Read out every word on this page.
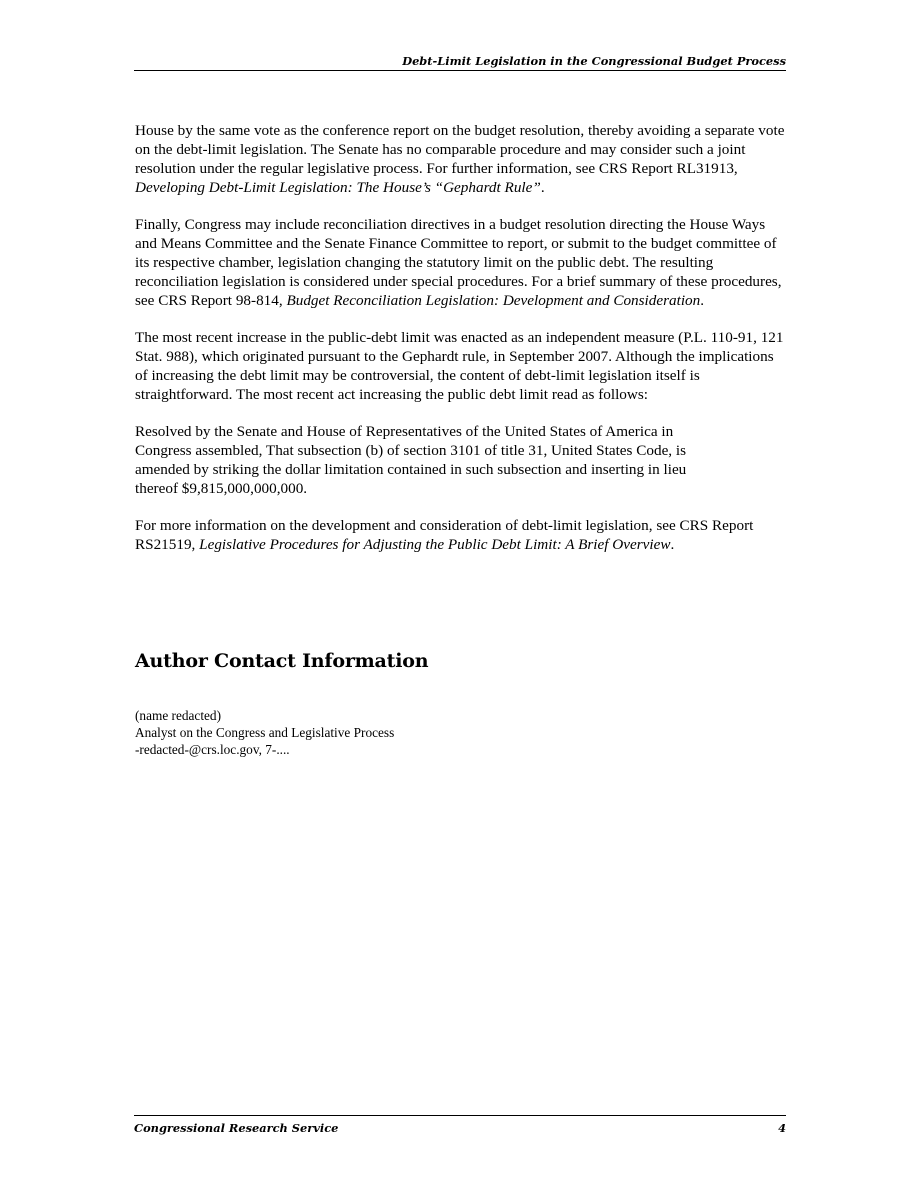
Debt-Limit Legislation in the Congressional Budget Process

House by the same vote as the conference report on the budget resolution, thereby avoiding a separate vote on the debt-limit legislation. The Senate has no comparable procedure and may consider such a joint resolution under the regular legislative process. For further information, see CRS Report RL31913, Developing Debt-Limit Legislation: The House’s “Gephardt Rule”.

Finally, Congress may include reconciliation directives in a budget resolution directing the House Ways and Means Committee and the Senate Finance Committee to report, or submit to the budget committee of its respective chamber, legislation changing the statutory limit on the public debt. The resulting reconciliation legislation is considered under special procedures. For a brief summary of these procedures, see CRS Report 98-814, Budget Reconciliation Legislation: Development and Consideration.

The most recent increase in the public-debt limit was enacted as an independent measure (P.L. 110-91, 121 Stat. 988), which originated pursuant to the Gephardt rule, in September 2007. Although the implications of increasing the debt limit may be controversial, the content of debt-limit legislation itself is straightforward. The most recent act increasing the public debt limit read as follows:

Resolved by the Senate and House of Representatives of the United States of America in Congress assembled, That subsection (b) of section 3101 of title 31, United States Code, is amended by striking the dollar limitation contained in such subsection and inserting in lieu thereof $9,815,000,000,000.

For more information on the development and consideration of debt-limit legislation, see CRS Report RS21519, Legislative Procedures for Adjusting the Public Debt Limit: A Brief Overview.

Author Contact Information
(name redacted)
Analyst on the Congress and Legislative Process
-redacted-@crs.loc.gov, 7-....
Congressional Research Service	4
